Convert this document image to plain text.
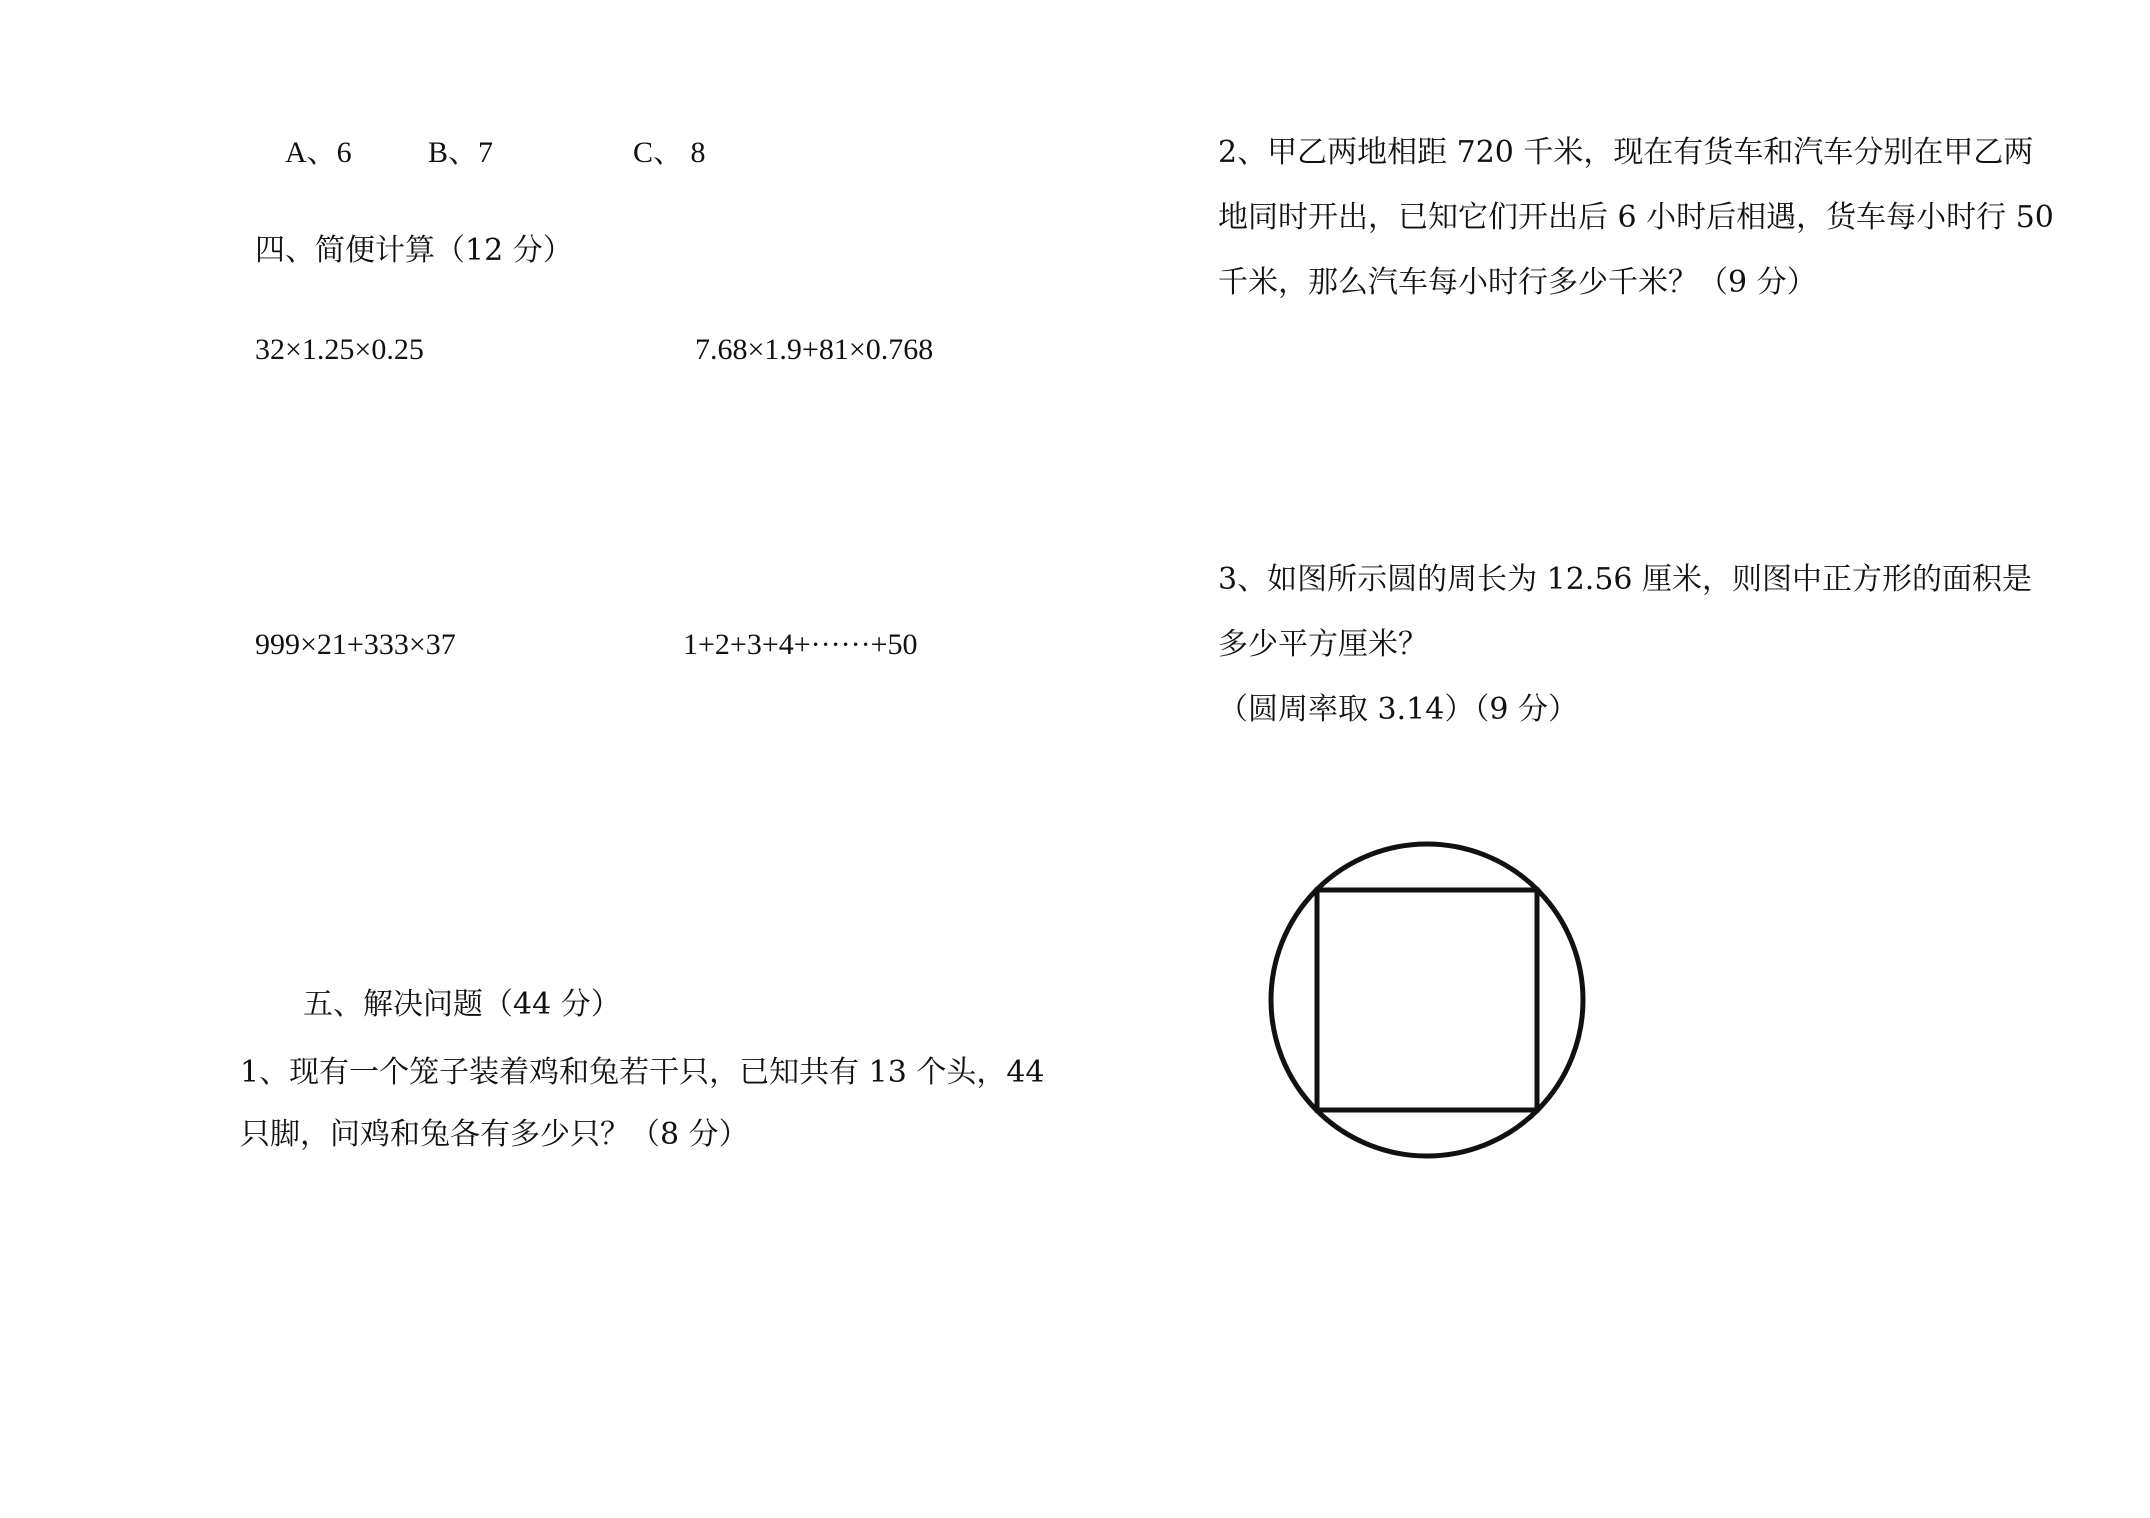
A、6	B、7	C、 8
四、简便计算（12 分）
32×1.25×0.25	7.68×1.9+81×0.768
999×21+333×37	1+2+3+4+······+50
五、解决问题（44 分）
1、现有一个笼子装着鸡和兔若干只，已知共有 13 个头，44
只脚，问鸡和兔各有多少只？（8 分）
2、甲乙两地相距 720 千米，现在有货车和汽车分别在甲乙两
地同时开出，已知它们开出后 6 小时后相遇，货车每小时行 50
千米，那么汽车每小时行多少千米？（9 分）
3、如图所示圆的周长为 12.56 厘米，则图中正方形的面积是
多少平方厘米？
（圆周率取 3.14）（9 分）
